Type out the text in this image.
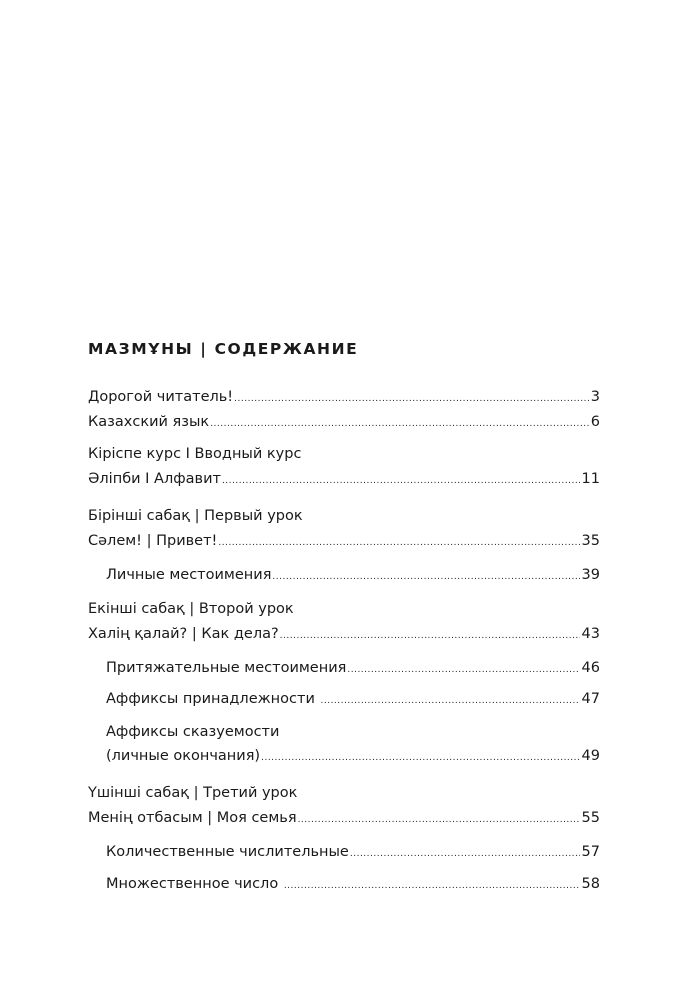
МАЗМҰНЫ | СОДЕРЖАНИЕ
Дорогой читатель! .....	3
Казахский язык .....	6
Кіріспе курс I Вводный курс
Әліпби I Алфавит .....	11
Бірінші сабақ | Первый урок
Сәлем! | Привет! .....	35
Личные местоимения .....	39
Екінші сабақ | Второй урок
Халің қалай? | Как дела? .....	43
Притяжательные местоимения .....	46
Аффиксы принадлежности .....	47
Аффиксы сказуемости
(личные окончания) .....	49
Үшінші сабақ | Третий урок
Менің отбасым | Моя семья .....	55
Количественные числительные .....	57
Множественное число .....	58
